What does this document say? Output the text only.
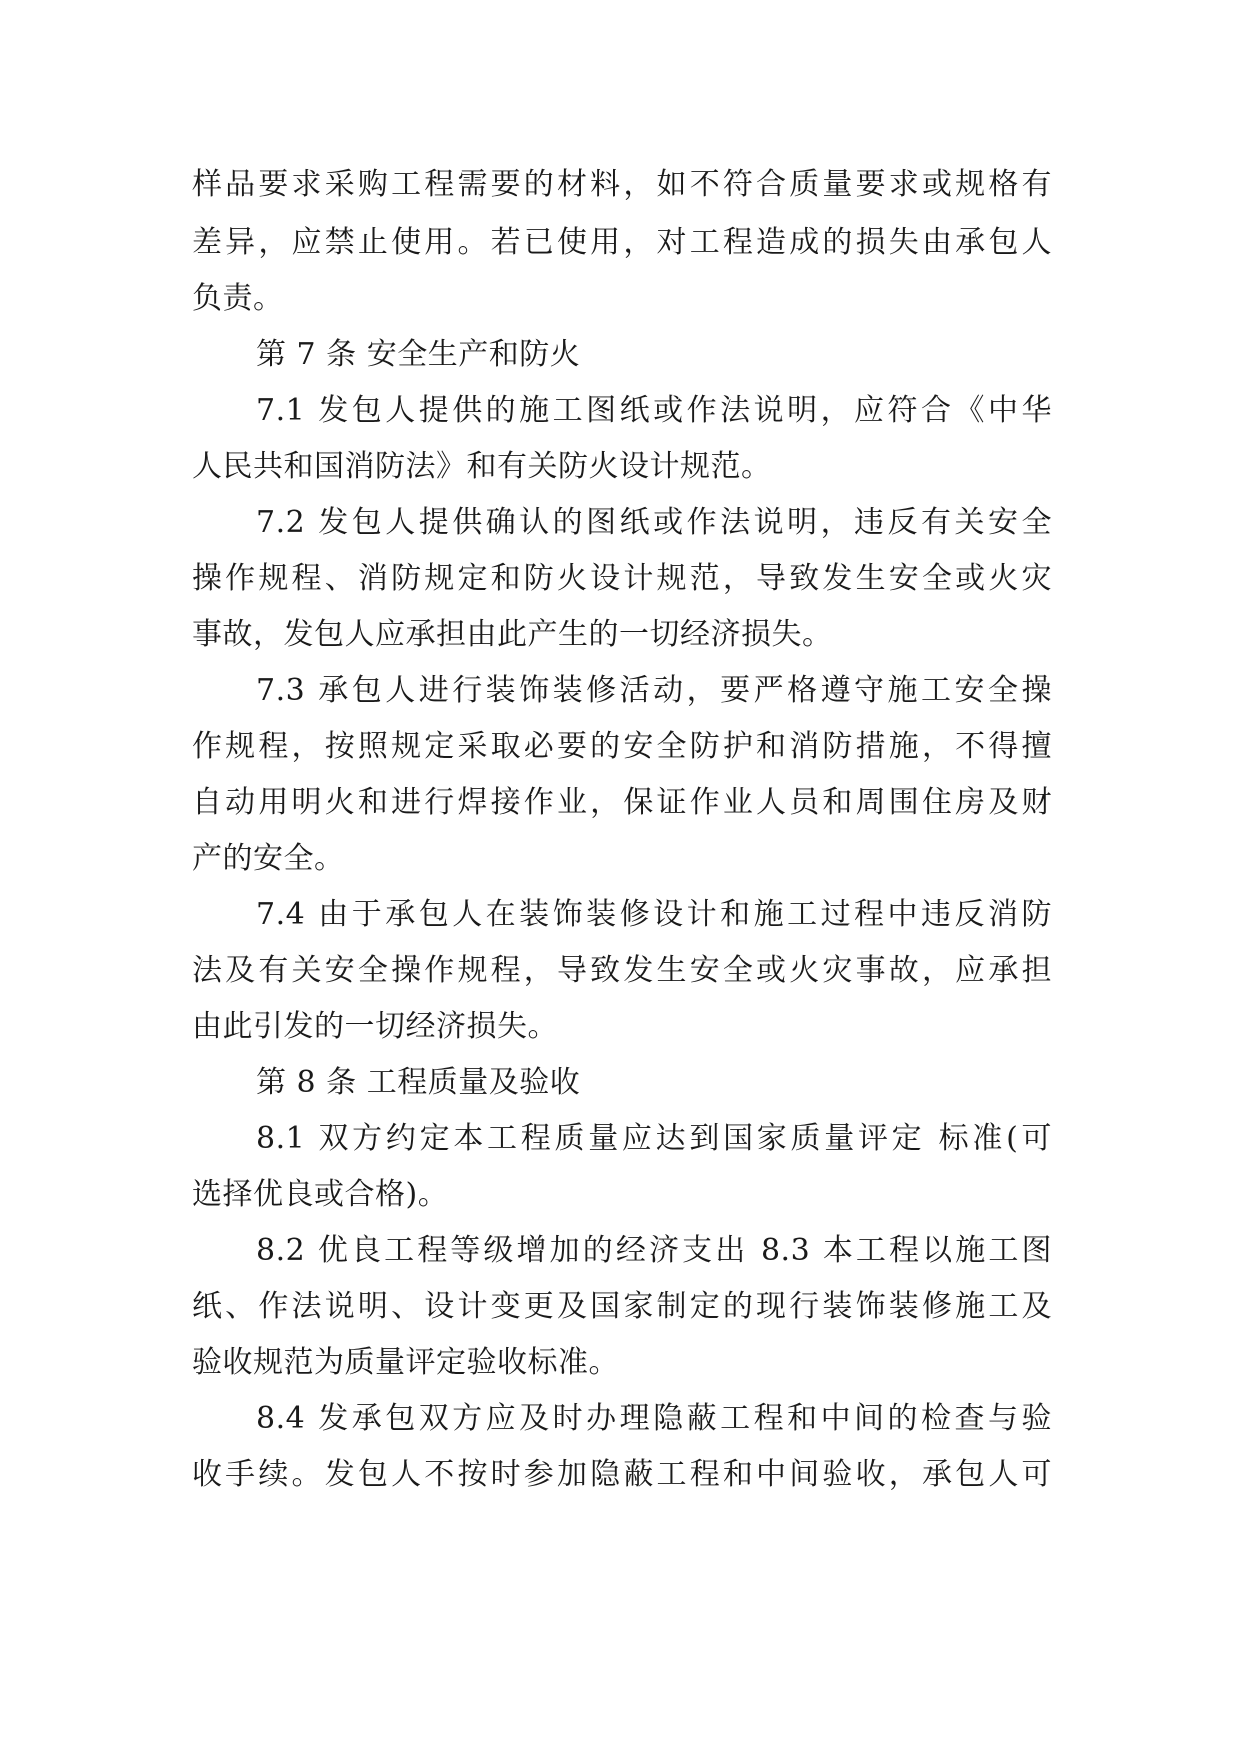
样品要求采购工程需要的材料，如不符合质量要求或规格有
差异，应禁止使用。若已使用，对工程造成的损失由承包人
负责。
第 7 条 安全生产和防火
7.1 发包人提供的施工图纸或作法说明，应符合《中华
人民共和国消防法》和有关防火设计规范。
7.2 发包人提供确认的图纸或作法说明，违反有关安全
操作规程、消防规定和防火设计规范，导致发生安全或火灾
事故，发包人应承担由此产生的一切经济损失。
7.3 承包人进行装饰装修活动，要严格遵守施工安全操
作规程，按照规定采取必要的安全防护和消防措施，不得擅
自动用明火和进行焊接作业，保证作业人员和周围住房及财
产的安全。
7.4 由于承包人在装饰装修设计和施工过程中违反消防
法及有关安全操作规程，导致发生安全或火灾事故，应承担
由此引发的一切经济损失。
第 8 条 工程质量及验收
8.1 双方约定本工程质量应达到国家质量评定 标准(可
选择优良或合格)。
8.2 优良工程等级增加的经济支出 8.3 本工程以施工图
纸、作法说明、设计变更及国家制定的现行装饰装修施工及
验收规范为质量评定验收标准。
8.4 发承包双方应及时办理隐蔽工程和中间的检查与验
收手续。发包人不按时参加隐蔽工程和中间验收，承包人可
